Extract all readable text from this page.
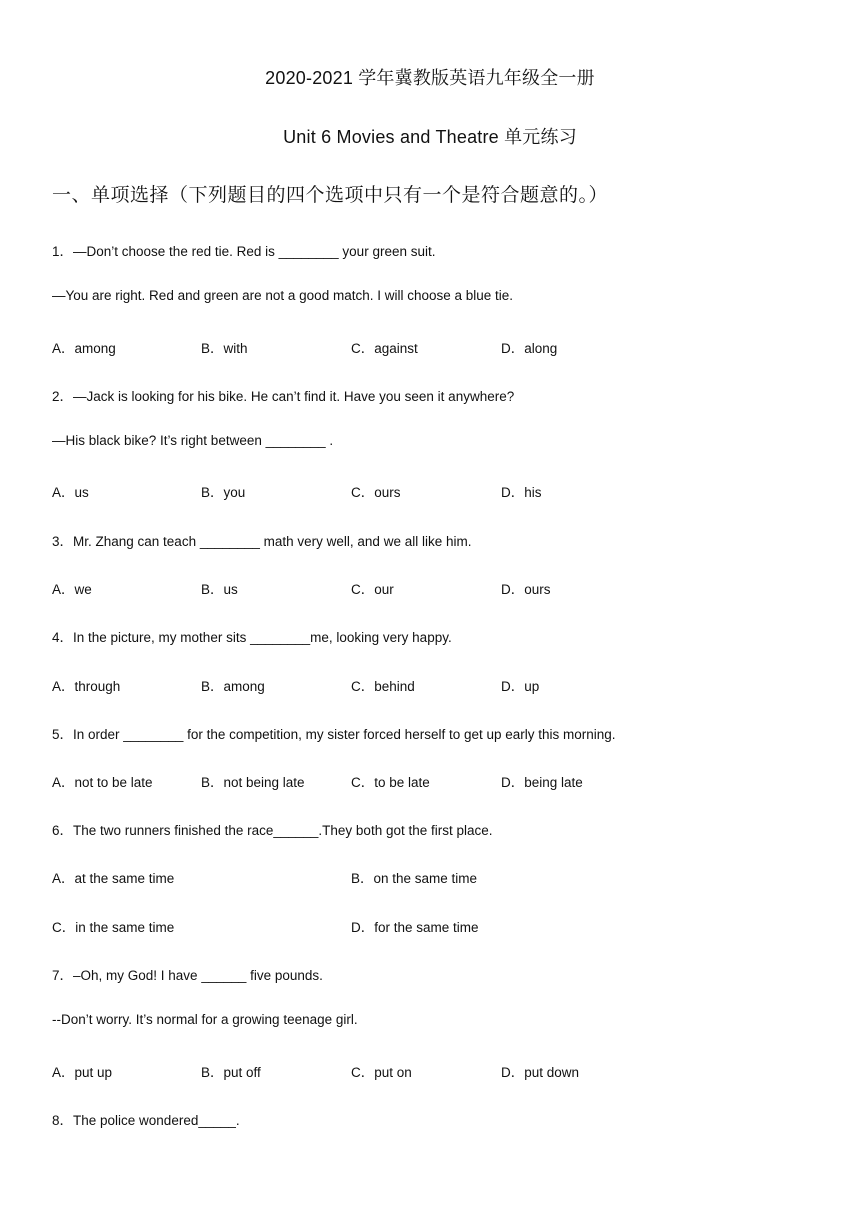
2020-2021 学年冀教版英语九年级全一册
Unit 6 Movies and Theatre 单元练习
一、单项选择（下列题目的四个选项中只有一个是符合题意的。）
1．—Don’t choose the red tie. Red is ________ your green suit.
—You are right. Red and green are not a good match. I will choose a blue tie.
A．among	B．with	C．against	D．along
2．—Jack is looking for his bike. He can’t find it. Have you seen it anywhere?
—His black bike? It’s right between ________ .
A．us	B．you	C．ours	D．his
3．Mr. Zhang can teach ________ math very well, and we all like him.
A．we	B．us	C．our	D．ours
4．In the picture, my mother sits ________me, looking very happy.
A．through	B．among	C．behind	D．up
5．In order ________ for the competition, my sister forced herself to get up early this morning.
A．not to be late	B．not being late	C．to be late	D．being late
6．The two runners finished the race______.They both got the first place.
A．at the same time	B．on the same time
C．in the same time	D．for the same time
7．–Oh, my God! I have ______ five pounds.
--Don’t worry. It’s normal for a growing teenage girl.
A．put up	B．put off	C．put on	D．put down
8．The police wondered_____.
